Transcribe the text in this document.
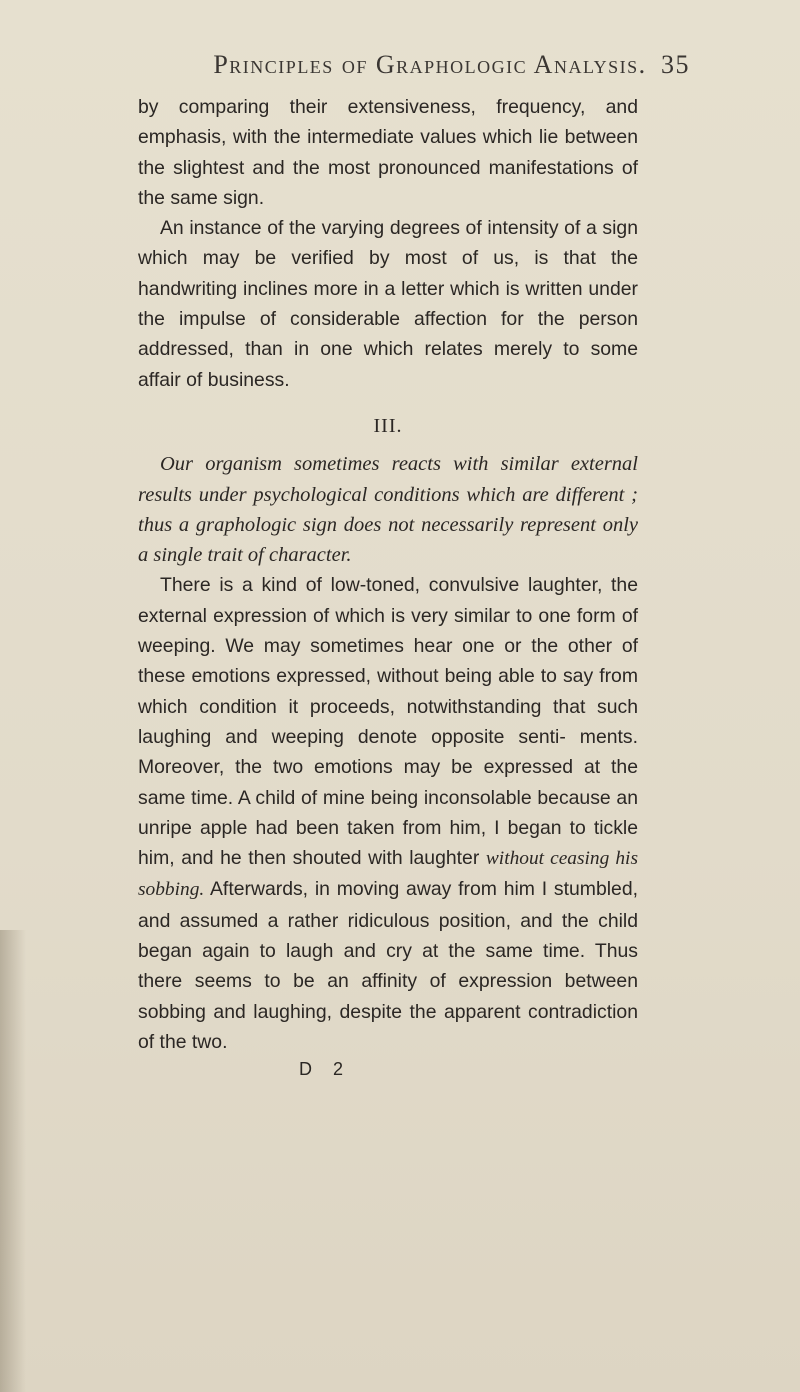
Principles of Graphologic Analysis. 35

by comparing their extensiveness, frequency, and emphasis, with the intermediate values which lie between the slightest and the most pronounced manifestations of the same sign.

An instance of the varying degrees of intensity of a sign which may be verified by most of us, is that the handwriting inclines more in a letter which is written under the impulse of considerable affection for the person addressed, than in one which relates merely to some affair of business.

III.

Our organism sometimes reacts with similar external results under psychological conditions which are different ; thus a graphologic sign does not necessarily represent only a single trait of character.

There is a kind of low-toned, convulsive laughter, the external expression of which is very similar to one form of weeping. We may sometimes hear one or the other of these emotions expressed, without being able to say from which condition it proceeds, notwithstanding that such laughing and weeping denote opposite senti- ments. Moreover, the two emotions may be expressed at the same time. A child of mine being inconsolable because an unripe apple had been taken from him, I began to tickle him, and he then shouted with laughter without ceasing his sobbing. Afterwards, in moving away from him I stumbled, and assumed a rather ridiculous position, and the child began again to laugh and cry at the same time. Thus there seems to be an affinity of expression between sobbing and laughing, despite the apparent contradiction of the two.

D 2
